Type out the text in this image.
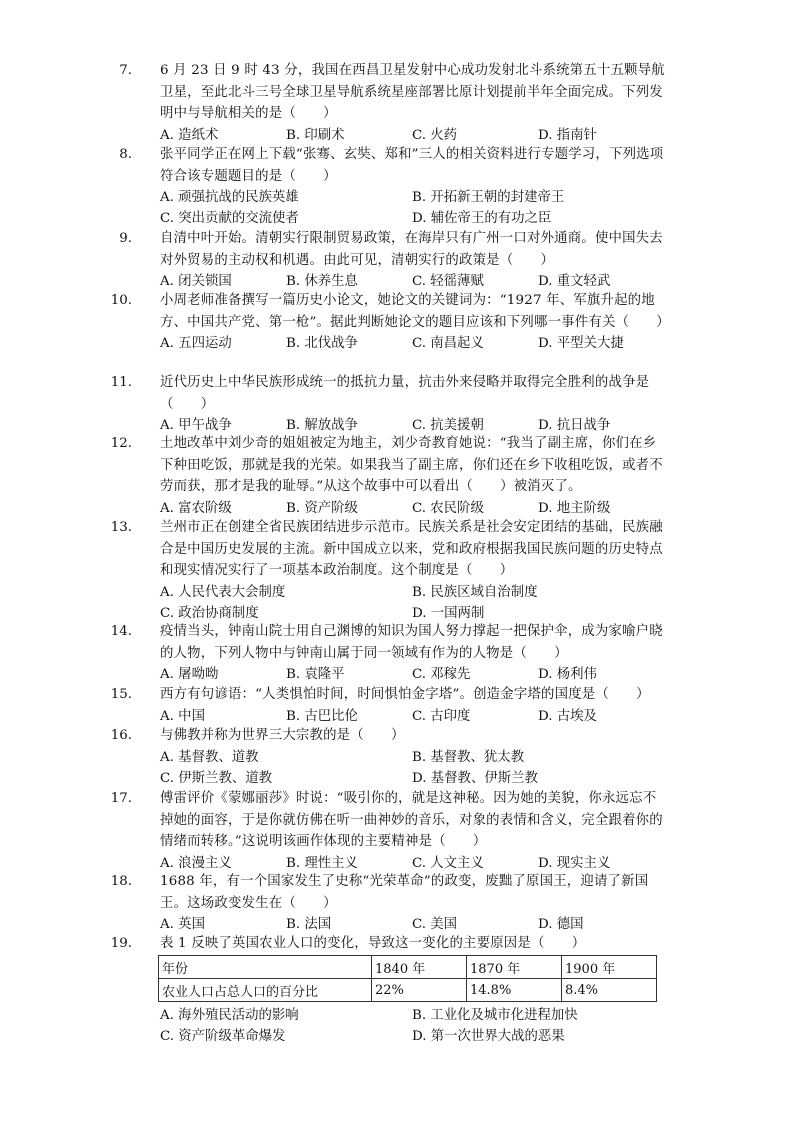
7. 6 月 23 日 9 时 43 分，我国在西昌卫星发射中心成功发射北斗系统第五十五颗导航卫星，至此北斗三号全球卫星导航系统星座部署比原计划提前半年全面完成。下列发明中与导航相关的是（　　）
A. 造纸术	B. 印刷术	C. 火药	D. 指南针
8. 张平同学正在网上下载“张骞、玄奘、郑和”三人的相关资料进行专题学习，下列选项符合该专题题目的是（　　）
A. 顽强抗战的民族英雄	B. 开拓新王朝的封建帝王
C. 突出贡献的交流使者	D. 辅佐帝王的有功之臣
9. 自清中叶开始。清朝实行限制贸易政策，在海岸只有广州一口对外通商。使中国失去对外贸易的主动权和机遇。由此可见，清朝实行的政策是（　　）
A. 闭关锁国	B. 休养生息	C. 轻徭薄赋	D. 重文轻武
10. 小周老师准备撰写一篇历史小论文，她论文的关键词为：“1927 年、军旗升起的地方、中国共产党、第一枪”。据此判断她论文的题目应该和下列哪一事件有关（　　）
A. 五四运动	B. 北伐战争	C. 南昌起义	D. 平型关大捷
11. 近代历史上中华民族形成统一的抵抗力量，抗击外来侵略并取得完全胜利的战争是（　　）
A. 甲午战争	B. 解放战争	C. 抗美援朝	D. 抗日战争
12. 土地改革中刘少奇的姐姐被定为地主，刘少奇教育她说：“我当了副主席，你们在乡下种田吃饭，那就是我的光荣。如果我当了副主席，你们还在乡下收租吃饭，或者不劳而获，那才是我的耻辱。”从这个故事中可以看出（　　）被消灭了。
A. 富农阶级	B. 资产阶级	C. 农民阶级	D. 地主阶级
13. 兰州市正在创建全省民族团结进步示范市。民族关系是社会安定团结的基础，民族融合是中国历史发展的主流。新中国成立以来，党和政府根据我国民族问题的历史特点和现实情况实行了一项基本政治制度。这个制度是（　　）
A. 人民代表大会制度	B. 民族区域自治制度
C. 政治协商制度	D. 一国两制
14. 疫情当头，钟南山院士用自己渊博的知识为国人努力撑起一把保护伞，成为家喻户晓的人物，下列人物中与钟南山属于同一领域有作为的人物是（　　）
A. 屠呦呦	B. 袁隆平	C. 邓稼先	D. 杨利伟
15. 西方有句谚语：“人类惧怕时间，时间惧怕金字塔”。创造金字塔的国度是（　　）
A. 中国	B. 古巴比伦	C. 古印度	D. 古埃及
16. 与佛教并称为世界三大宗教的是（　　）
A. 基督教、道教	B. 基督教、犹太教
C. 伊斯兰教、道教	D. 基督教、伊斯兰教
17. 傅雷评价《蒙娜丽莎》时说：“吸引你的，就是这神秘。因为她的美貌，你永远忘不掉她的面容，于是你就仿佛在听一曲神妙的音乐，对象的表情和含义，完全跟着你的情绪而转移。”这说明该画作体现的主要精神是（　　）
A. 浪漫主义	B. 理性主义	C. 人文主义	D. 现实主义
18. 1688 年，有一个国家发生了史称“光荣革命”的政变，废黜了原国王，迎请了新国王。这场政变发生在（　　）
A. 英国	B. 法国	C. 美国	D. 德国
19. 表 1 反映了英国农业人口的变化，导致这一变化的主要原因是（　　）
年份	1840 年	1870 年	1900 年
农业人口占总人口的百分比	22%	14.8%	8.4%
A. 海外殖民活动的影响	B. 工业化及城市化进程加快
C. 资产阶级革命爆发	D. 第一次世界大战的恶果
